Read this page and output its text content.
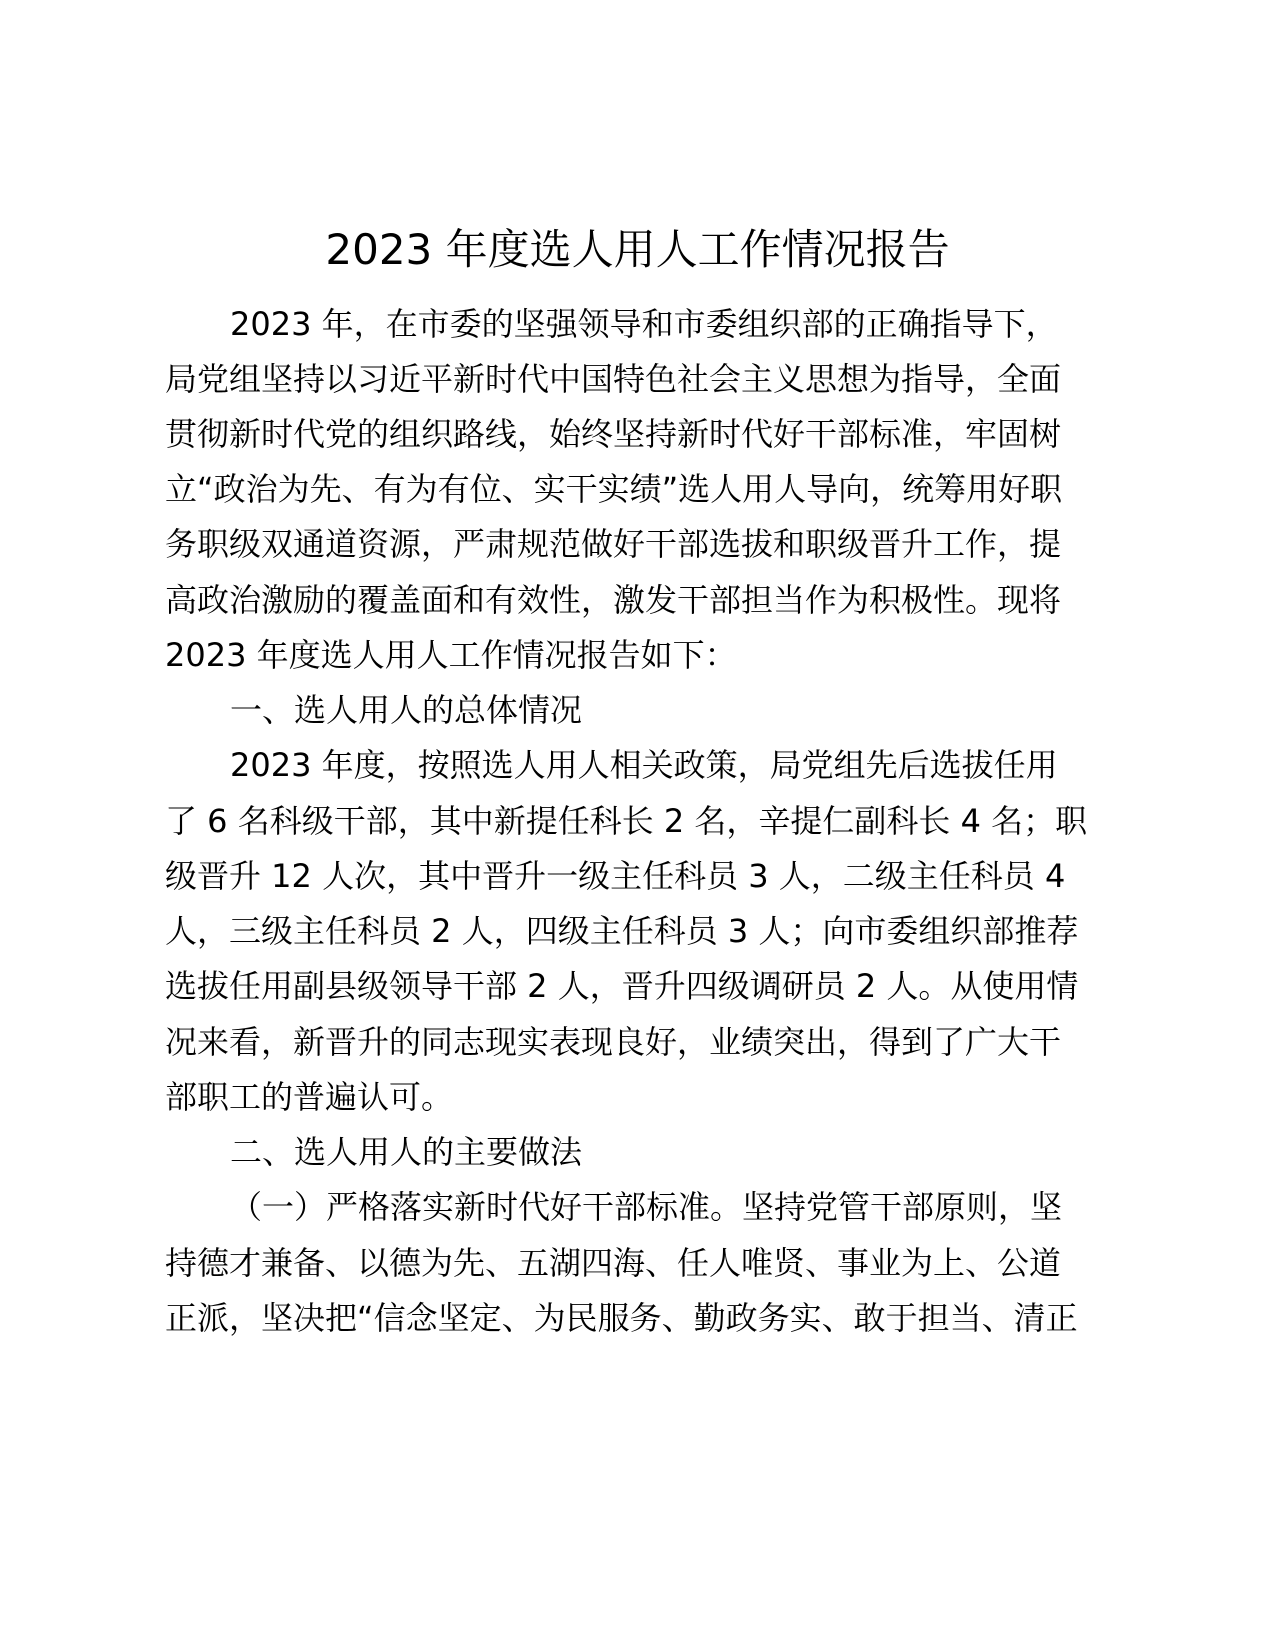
2023 年度选人用人工作情况报告

2023 年，在市委的坚强领导和市委组织部的正确指导下，

局党组坚持以习近平新时代中国特色社会主义思想为指导，全面

贯彻新时代党的组织路线，始终坚持新时代好干部标准，牢固树

立“政治为先、有为有位、实干实绩”选人用人导向，统筹用好职

务职级双通道资源，严肃规范做好干部选拔和职级晋升工作，提

高政治激励的覆盖面和有效性，激发干部担当作为积极性。现将

2023 年度选人用人工作情况报告如下：

一、选人用人的总体情况

2023 年度，按照选人用人相关政策，局党组先后选拔任用

了 6 名科级干部，其中新提任科长 2 名，辛提仁副科长 4 名；职

级晋升 12 人次，其中晋升一级主任科员 3 人，二级主任科员 4

人，三级主任科员 2 人，四级主任科员 3 人；向市委组织部推荐

选拔任用副县级领导干部 2 人，晋升四级调研员 2 人。从使用情

况来看，新晋升的同志现实表现良好，业绩突出，得到了广大干

部职工的普遍认可。

二、选人用人的主要做法

（一）严格落实新时代好干部标准。坚持党管干部原则，坚

持德才兼备、以德为先、五湖四海、任人唯贤、事业为上、公道

正派，坚决把“信念坚定、为民服务、勤政务实、敢于担当、清正
